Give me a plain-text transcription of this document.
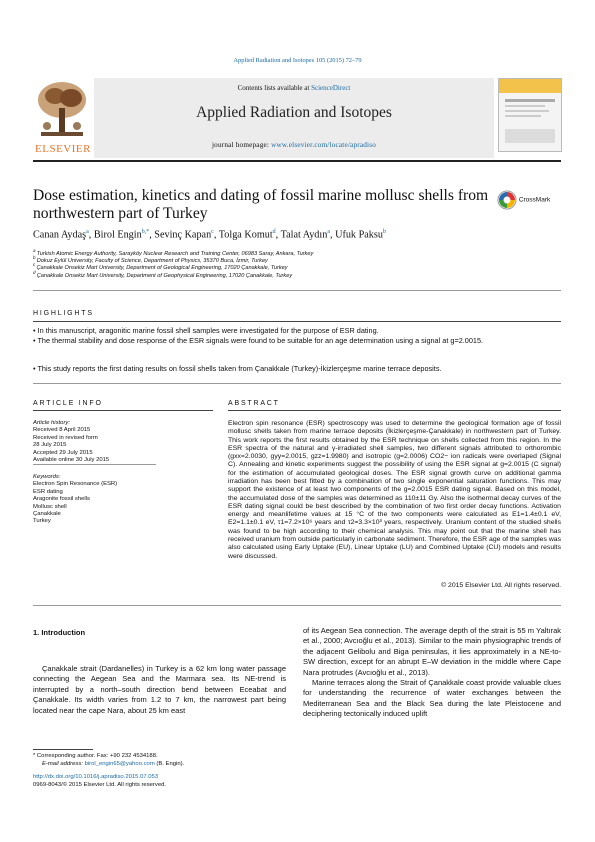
Applied Radiation and Isotopes 105 (2015) 72–79
ELSEVIER
Contents lists available at ScienceDirect
Applied Radiation and Isotopes
journal homepage: www.elsevier.com/locate/apradiso
Dose estimation, kinetics and dating of fossil marine mollusc shells from northwestern part of Turkey
CrossMark
Canan Aydaş$^a$, Birol Engin$^{b,*}$, Sevinç Kapan$^c$, Tolga Komut$^d$, Talat Aydın$^a$, Ufuk Paksu$^b$
$^a$ Turkish Atomic Energy Authority, Sarayköy Nuclear Research and Training Center, 06983 Saray, Ankara, Turkey
$^b$ Dokuz Eylül University, Faculty of Science, Department of Physics, 35370 Buca, İzmir, Turkey
$^c$ Çanakkale Onsekiz Mart University, Department of Geological Engineering, 17020 Çanakkale, Turkey
$^d$ Çanakkale Onsekiz Mart University, Department of Geophysical Engineering, 17020 Çanakkale, Turkey
HIGHLIGHTS
• In this manuscript, aragonitic marine fossil shell samples were investigated for the purpose of ESR dating.
• The thermal stability and dose response of the ESR signals were found to be suitable for an age determination using a signal at g=2.0015.
• This study reports the first dating results on fossil shells taken from Çanakkale (Turkey)-İkizlerçeşme marine terrace deposits.
ARTICLE INFO
Article history:
Received 8 April 2015
Received in revised form
28 July 2015
Accepted 29 July 2015
Available online 30 July 2015
Keywords:
Electron Spin Resonance (ESR)
ESR dating
Aragonite fossil shells
Mollusc shell
Çanakkale
Turkey
ABSTRACT
Electron spin resonance (ESR) spectroscopy was used to determine the geological formation age of fossil mollusc shells taken from marine terrace deposits (İkizlerçeşme-Çanakkale) in northwestern part of Turkey. This work reports the first results obtained by the ESR technique on shells collected from this region. In the ESR spectra of the natural and γ-irradiated shell samples, two different signals attributed to orthorombic (gxx=2.0030, gyy=2.0015, gzz=1.9980) and isotropic (g=2.0006) CO2− ion radicals were overlaped (Signal C). Annealing and kinetic experiments suggest the possibility of using the ESR signal at g=2.0015 (C signal) for the estimation of accumulated geological doses. The ESR signal growth curve on additional gamma irradiation has been best fitted by a combination of two single exponential saturation functions. This may support the existence of at least two components of the g=2.0015 ESR dating signal. Based on this model, the accumulated dose of the samples was determined as 110±11 Gy. Also the isothermal decay curves of the ESR dating signal could be best described by the combination of two first order decay functions. Activation energy and meanlifetime values at 15 °C of the two components were calculated as E1=1.4±0.1 eV, E2=1.1±0.1 eV, τ1=7.2×10⁶ years and τ2=3.3×10³ years, respectively. Uranium content of the studied shells was found to be high according to their chemical analysis. This may point out that the marine shell has received uranium from outside particularly in carbonate sediment. Therefore, the ESR age of the samples was also calculated using Early Uptake (EU), Linear Uptake (LU) and Combined Uptake (CU) models and results were discussed.
© 2015 Elsevier Ltd. All rights reserved.
1. Introduction
Çanakkale strait (Dardanelles) in Turkey is a 62 km long water passage connecting the Aegean Sea and the Marmara sea. Its NE-trend is interrupted by a north–south direction bend between Eceabat and Çanakkale. Its width varies from 1.2 to 7 km, the narrowest part being located near the cape Nara, about 25 km east
of its Aegean Sea connection. The average depth of the strait is 55 m Yaltırak et al., 2000; Avcıoğlu et al., 2013). Similar to the main physiographic trends of the adjacent Gelibolu and Biga peninsulas, it lies approximately in a NE-to-SW direction, except for an abrupt E–W deviation in the middle where Cape Nara protrudes (Avcıoğlu et al., 2013).
Marine terraces along the Strait of Çanakkale coast provide valuable clues for understanding the recurrence of water exchanges between the Mediterranean Sea and the Black Sea during the late Pleistocene and deciphering tectonically induced uplift
* Corresponding author. Fax: +90 232 4534188.
E-mail address: birol_engin65@yahoo.com (B. Engin).
http://dx.doi.org/10.1016/j.apradiso.2015.07.053
0969-8043/© 2015 Elsevier Ltd. All rights reserved.
